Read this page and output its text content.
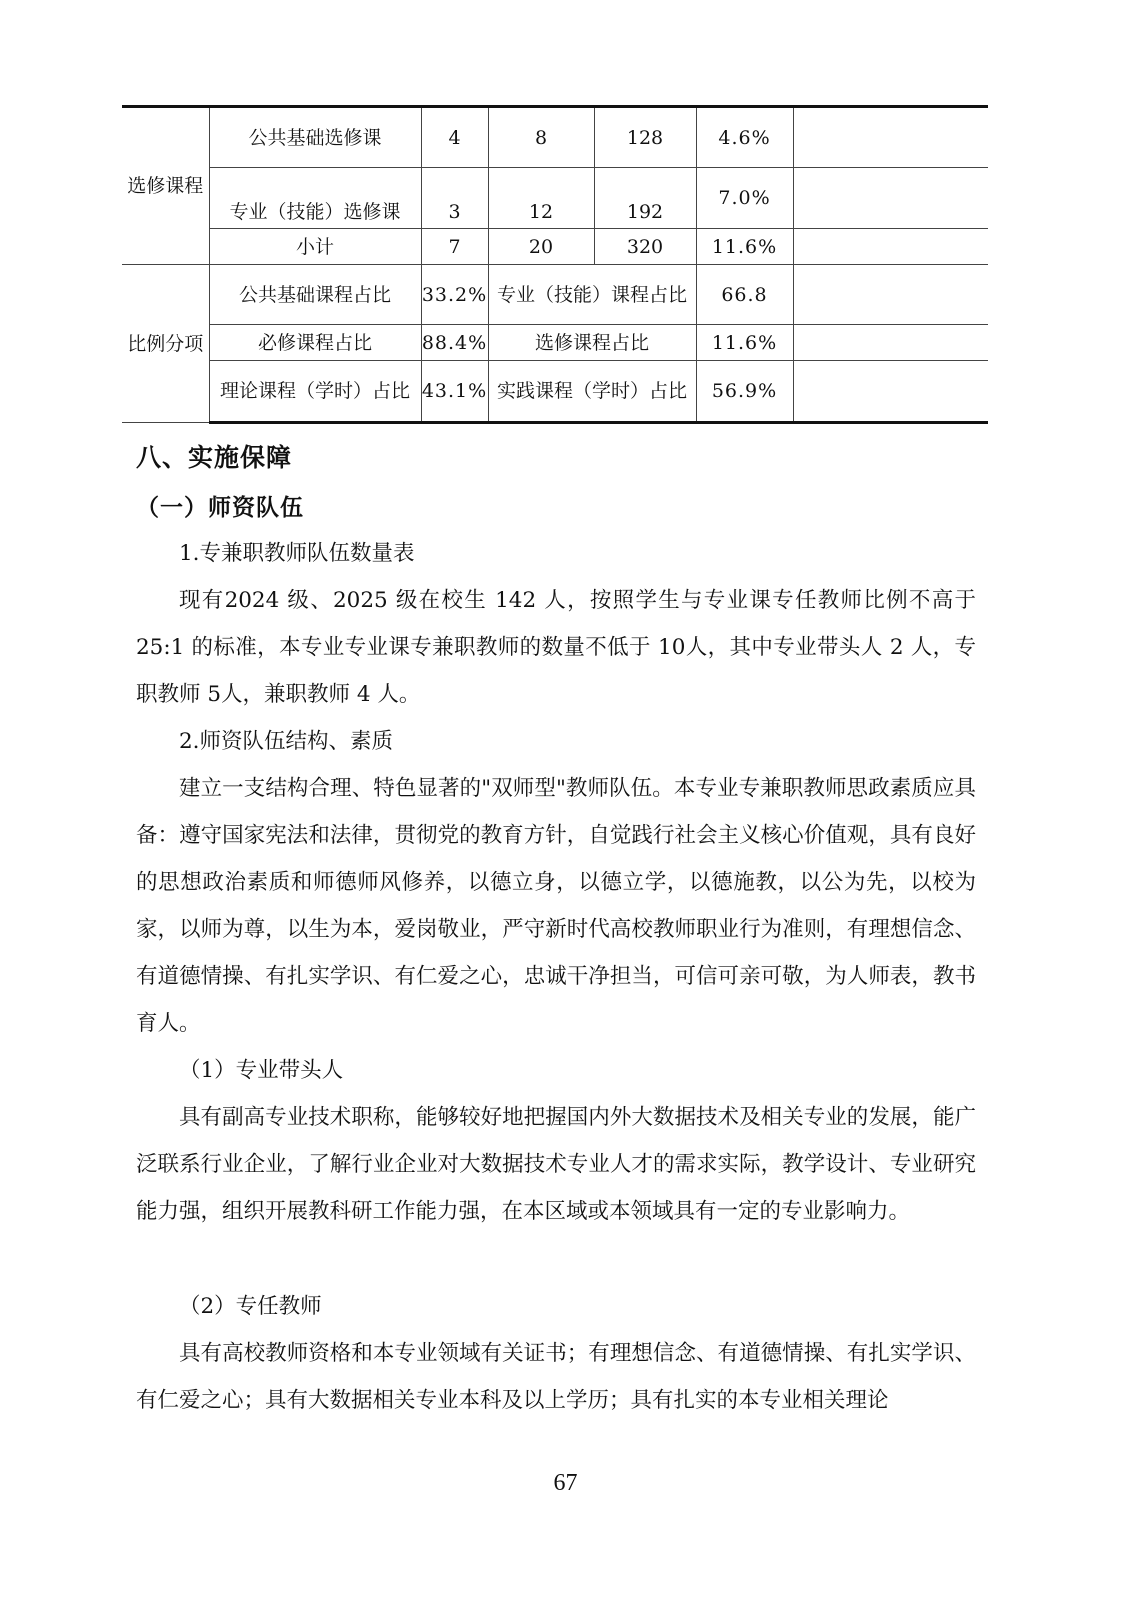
选修课程	公共基础选修课	4	8	128	4.6%	
	专业（技能）选修课	3	12	192	7.0%	
	小计	7	20	320	11.6%	
比例分项	公共基础课程占比	33.2%	专业（技能）课程占比		66.8	
	必修课程占比	88.4%	选修课程占比		11.6%	
	理论课程（学时）占比	43.1%	实践课程（学时）占比		56.9%	
八、实施保障
（一）师资队伍

1.专兼职教师队伍数量表

现有2024 级、2025 级在校生 142 人，按照学生与专业课专任教师比例不高于25:1 的标准，本专业专业课专兼职教师的数量不低于 10人，其中专业带头人 2 人，专职教师 5人，兼职教师 4 人。

2.师资队伍结构、素质

建立一支结构合理、特色显著的"双师型"教师队伍。本专业专兼职教师思政素质应具备：遵守国家宪法和法律，贯彻党的教育方针，自觉践行社会主义核心价值观，具有良好的思想政治素质和师德师风修养，以德立身，以德立学，以德施教，以公为先，以校为家，以师为尊，以生为本，爱岗敬业，严守新时代高校教师职业行为准则，有理想信念、有道德情操、有扎实学识、有仁爱之心，忠诚干净担当，可信可亲可敬，为人师表，教书育人。

（1）专业带头人

具有副高专业技术职称，能够较好地把握国内外大数据技术及相关专业的发展，能广泛联系行业企业，了解行业企业对大数据技术专业人才的需求实际，教学设计、专业研究能力强，组织开展教科研工作能力强，在本区域或本领域具有一定的专业影响力。

（2）专任教师

具有高校教师资格和本专业领域有关证书；有理想信念、有道德情操、有扎实学识、有仁爱之心；具有大数据相关专业本科及以上学历；具有扎实的本专业相关理论

67
